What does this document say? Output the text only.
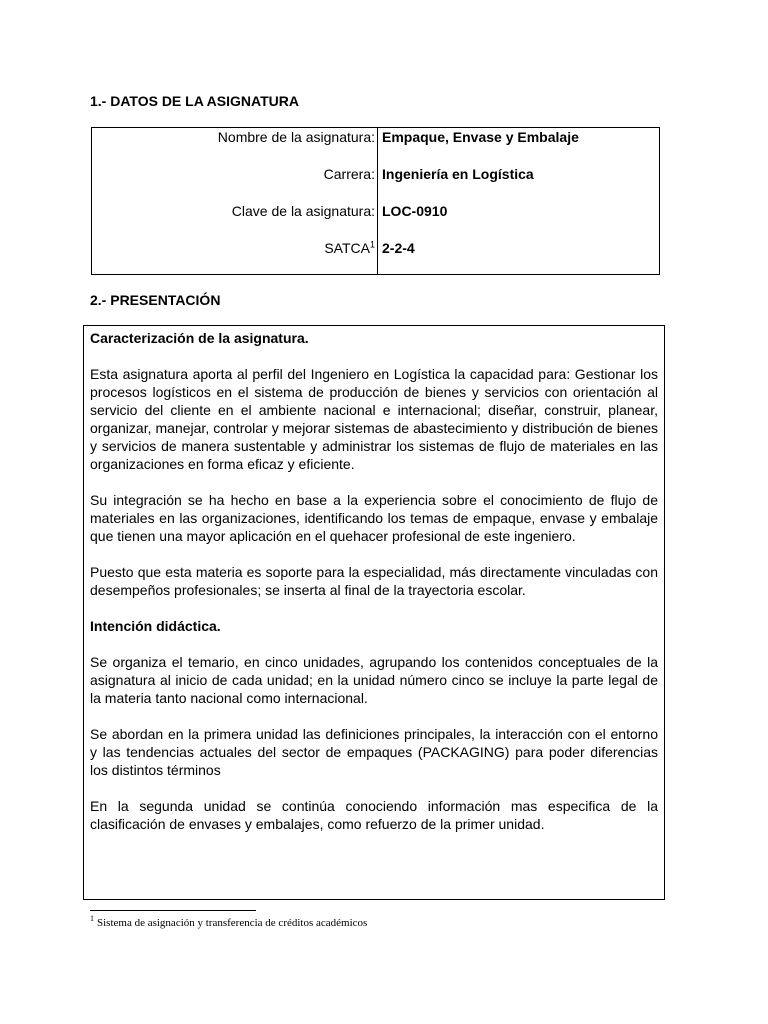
1.- DATOS DE LA ASIGNATURA
Nombre de la asignatura:	Empaque, Envase y Embalaje
Carrera:	Ingeniería en Logística
Clave de la asignatura:	LOC-0910
SATCA$^1$	2-2-4
2.- PRESENTACIÓN

Caracterización de la asignatura.

Esta asignatura aporta al perfil del Ingeniero en Logística la capacidad para: Gestionar los procesos logísticos en el sistema de producción de bienes y servicios con orientación al servicio del cliente en el ambiente nacional e internacional; diseñar, construir, planear, organizar, manejar, controlar y mejorar sistemas de abastecimiento y distribución de bienes y servicios de manera sustentable y administrar los sistemas de flujo de materiales en las organizaciones en forma eficaz y eficiente.

Su integración se ha hecho en base a la experiencia sobre el conocimiento de flujo de materiales en las organizaciones, identificando los temas de empaque, envase y embalaje que tienen una mayor aplicación en el quehacer profesional de este ingeniero.

Puesto que esta materia es soporte para la especialidad, más directamente vinculadas con desempeños profesionales; se inserta al final de la trayectoria escolar.

Intención didáctica.

Se organiza el temario, en cinco unidades, agrupando los contenidos conceptuales de la asignatura al inicio de cada unidad; en la unidad número cinco se incluye la parte legal de la materia tanto nacional como internacional.

Se abordan en la primera unidad las definiciones principales, la interacción con el entorno y las tendencias actuales del sector de empaques (PACKAGING) para poder diferencias los distintos términos

En la segunda unidad se continúa conociendo información mas especifica de la clasificación de envases y embalajes, como refuerzo de la primer unidad.

$^1$ Sistema de asignación y transferencia de créditos académicos
